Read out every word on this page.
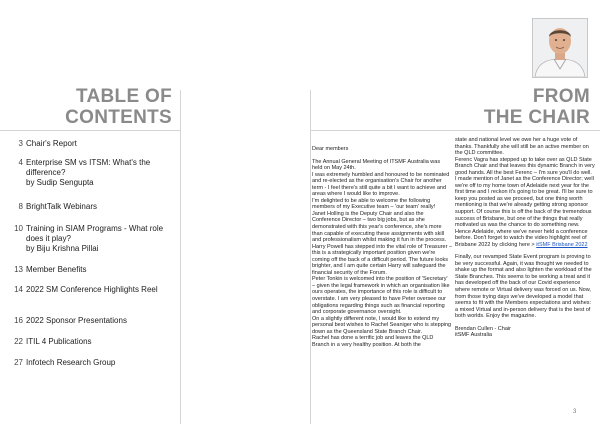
TABLE OF
CONTENTS
FROM
THE CHAIR
3 Chair's Report
4 Enterprise SM vs ITSM: What's the difference?
by Sudip Sengupta
8 BrightTalk Webinars
10 Training in SIAM Programs - What role does it play?
by Biju Krishna Pillai
13 Member Benefits
14 2022 SM Conference Highlights Reel
16 2022 Sponsor Presentations
22 ITIL 4 Publications
27 Infotech Research Group

Dear members

The Annual General Meeting of ITSMF Australia was held on May 24th.

I was extremely humbled and honoured to be nominated and re-elected as the organisation's Chair for another term - I feel there's still quite a bit I want to achieve and areas where I would like to improve.

I'm delighted to be able to welcome the following members of my Executive team – 'our team' really!

Janet Holling is the Deputy Chair and also the Conference Director – two big jobs, but as she demonstrated with this year's conference, she's more than capable of executing these assignments with skill and professionalism whilst making it fun in the process.

Harry Powell has stepped into the vital role of Treasurer – this is a strategically important position given we're coming off the back of a difficult period. The future looks brighter, and I am quite certain Harry will safeguard the financial security of the Forum.

Peter Tonkin is welcomed into the position of 'Secretary' – given the legal framework in which an organisation like ours operates, the importance of this role is difficult to overstate. I am very pleased to have Peter oversee our obligations regarding things such as financial reporting and corporate governance oversight.

On a slightly different note, I would like to extend my personal best wishes to Rachel Seaniger who is stepping down as the Queensland State Branch Chair.

Rachel has done a terrific job and leaves the QLD Branch in a very healthy position. At both the

state and national level we owe her a huge vote of thanks. Thankfully she will still be an active member on the QLD committee.

Ferenc Vagra has stepped up to take over as QLD State Branch Chair and that leaves this dynamic Branch in very good hands. All the best Ferenc – I'm sure you'll do well.

I made mention of Janet as the Conference Director; well we're off to my home town of Adelaide next year for the first time and I reckon it's going to be great. I'll be sure to keep you posted as we proceed, but one thing worth mentioning is that we're already getting strong sponsor support. Of course this is off the back of the tremendous success of Brisbane, but one of the things that really motivated us was the chance to do something new. Hence Adelaide, where we've never held a conference before. Don't forget to watch the video highlight reel of Brisbane 2022 by clicking here > itSMF Brisbane 2022

Finally, our revamped State Event program is proving to be very successful. Again, it was thought we needed to shake up the format and also lighten the workload of the State Branches. This seems to be working a treat and it has developed off the back of our Covid experience where remote or Virtual delivery was forced on us. Now, from those trying days we've developed a model that seems to fit with the Members expectations and wishes: a mixed Virtual and in-person delivery that is the best of both worlds. Enjoy the magazine.

Brendan Cullen - Chair
itSMF Australia
3
